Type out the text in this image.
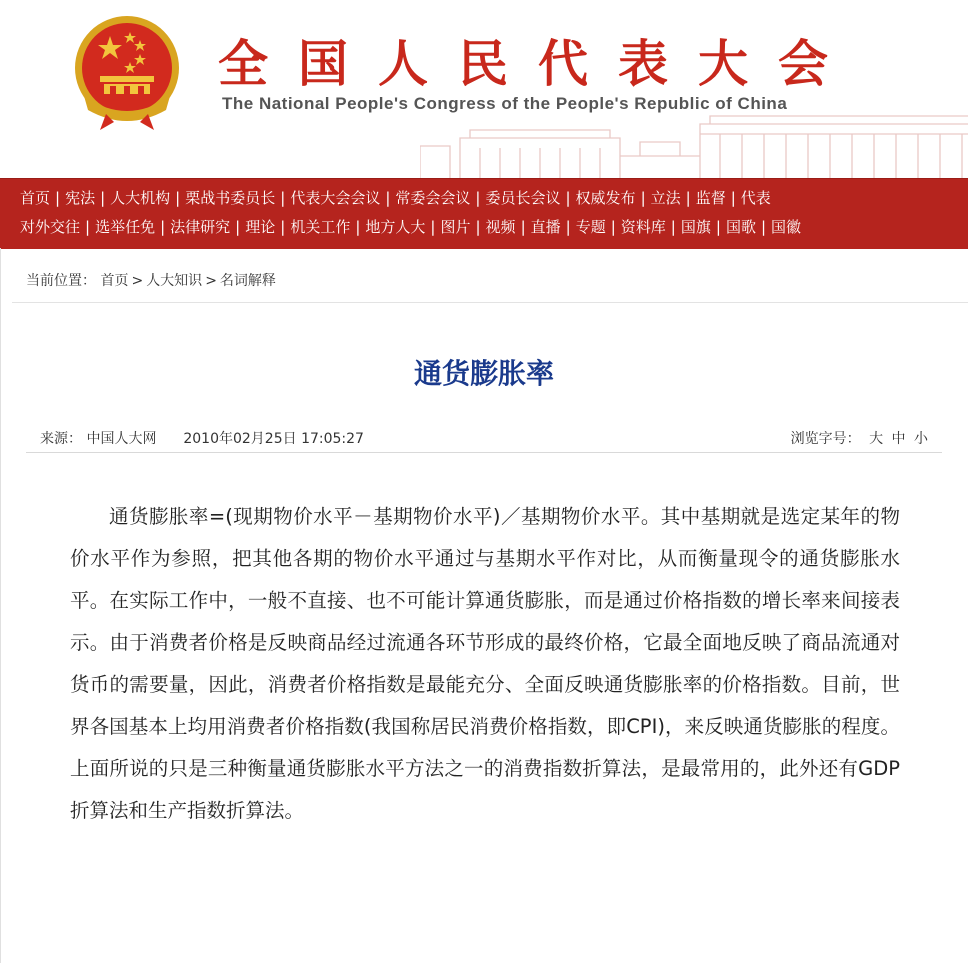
全国人民代表大会
The National People's Congress of the People's Republic of China
首页 | 宪法 | 人大机构 | 栗战书委员长 | 代表大会会议 | 常委会会议 | 委员长会议 | 权威发布 | 立法 | 监督 | 代表
对外交往 | 选举任免 | 法律研究 | 理论 | 机关工作 | 地方人大 | 图片 | 视频 | 直播 | 专题 | 资料库 | 国旗 | 国歌 | 国徽
当前位置： 首页 > 人大知识 > 名词解释
通货膨胀率
来源： 中国人大网 2010年02月25日 17:05:27	浏览字号： 大 中 小

通货膨胀率=(现期物价水平－基期物价水平)／基期物价水平。其中基期就是选定某年的物价水平作为参照，把其他各期的物价水平通过与基期水平作对比，从而衡量现令的通货膨胀水平。在实际工作中，一般不直接、也不可能计算通货膨胀，而是通过价格指数的增长率来间接表示。由于消费者价格是反映商品经过流通各环节形成的最终价格，它最全面地反映了商品流通对货币的需要量，因此，消费者价格指数是最能充分、全面反映通货膨胀率的价格指数。目前，世界各国基本上均用消费者价格指数(我国称居民消费价格指数，即CPI)，来反映通货膨胀的程度。上面所说的只是三种衡量通货膨胀水平方法之一的消费指数折算法，是最常用的，此外还有GDP折算法和生产指数折算法。
